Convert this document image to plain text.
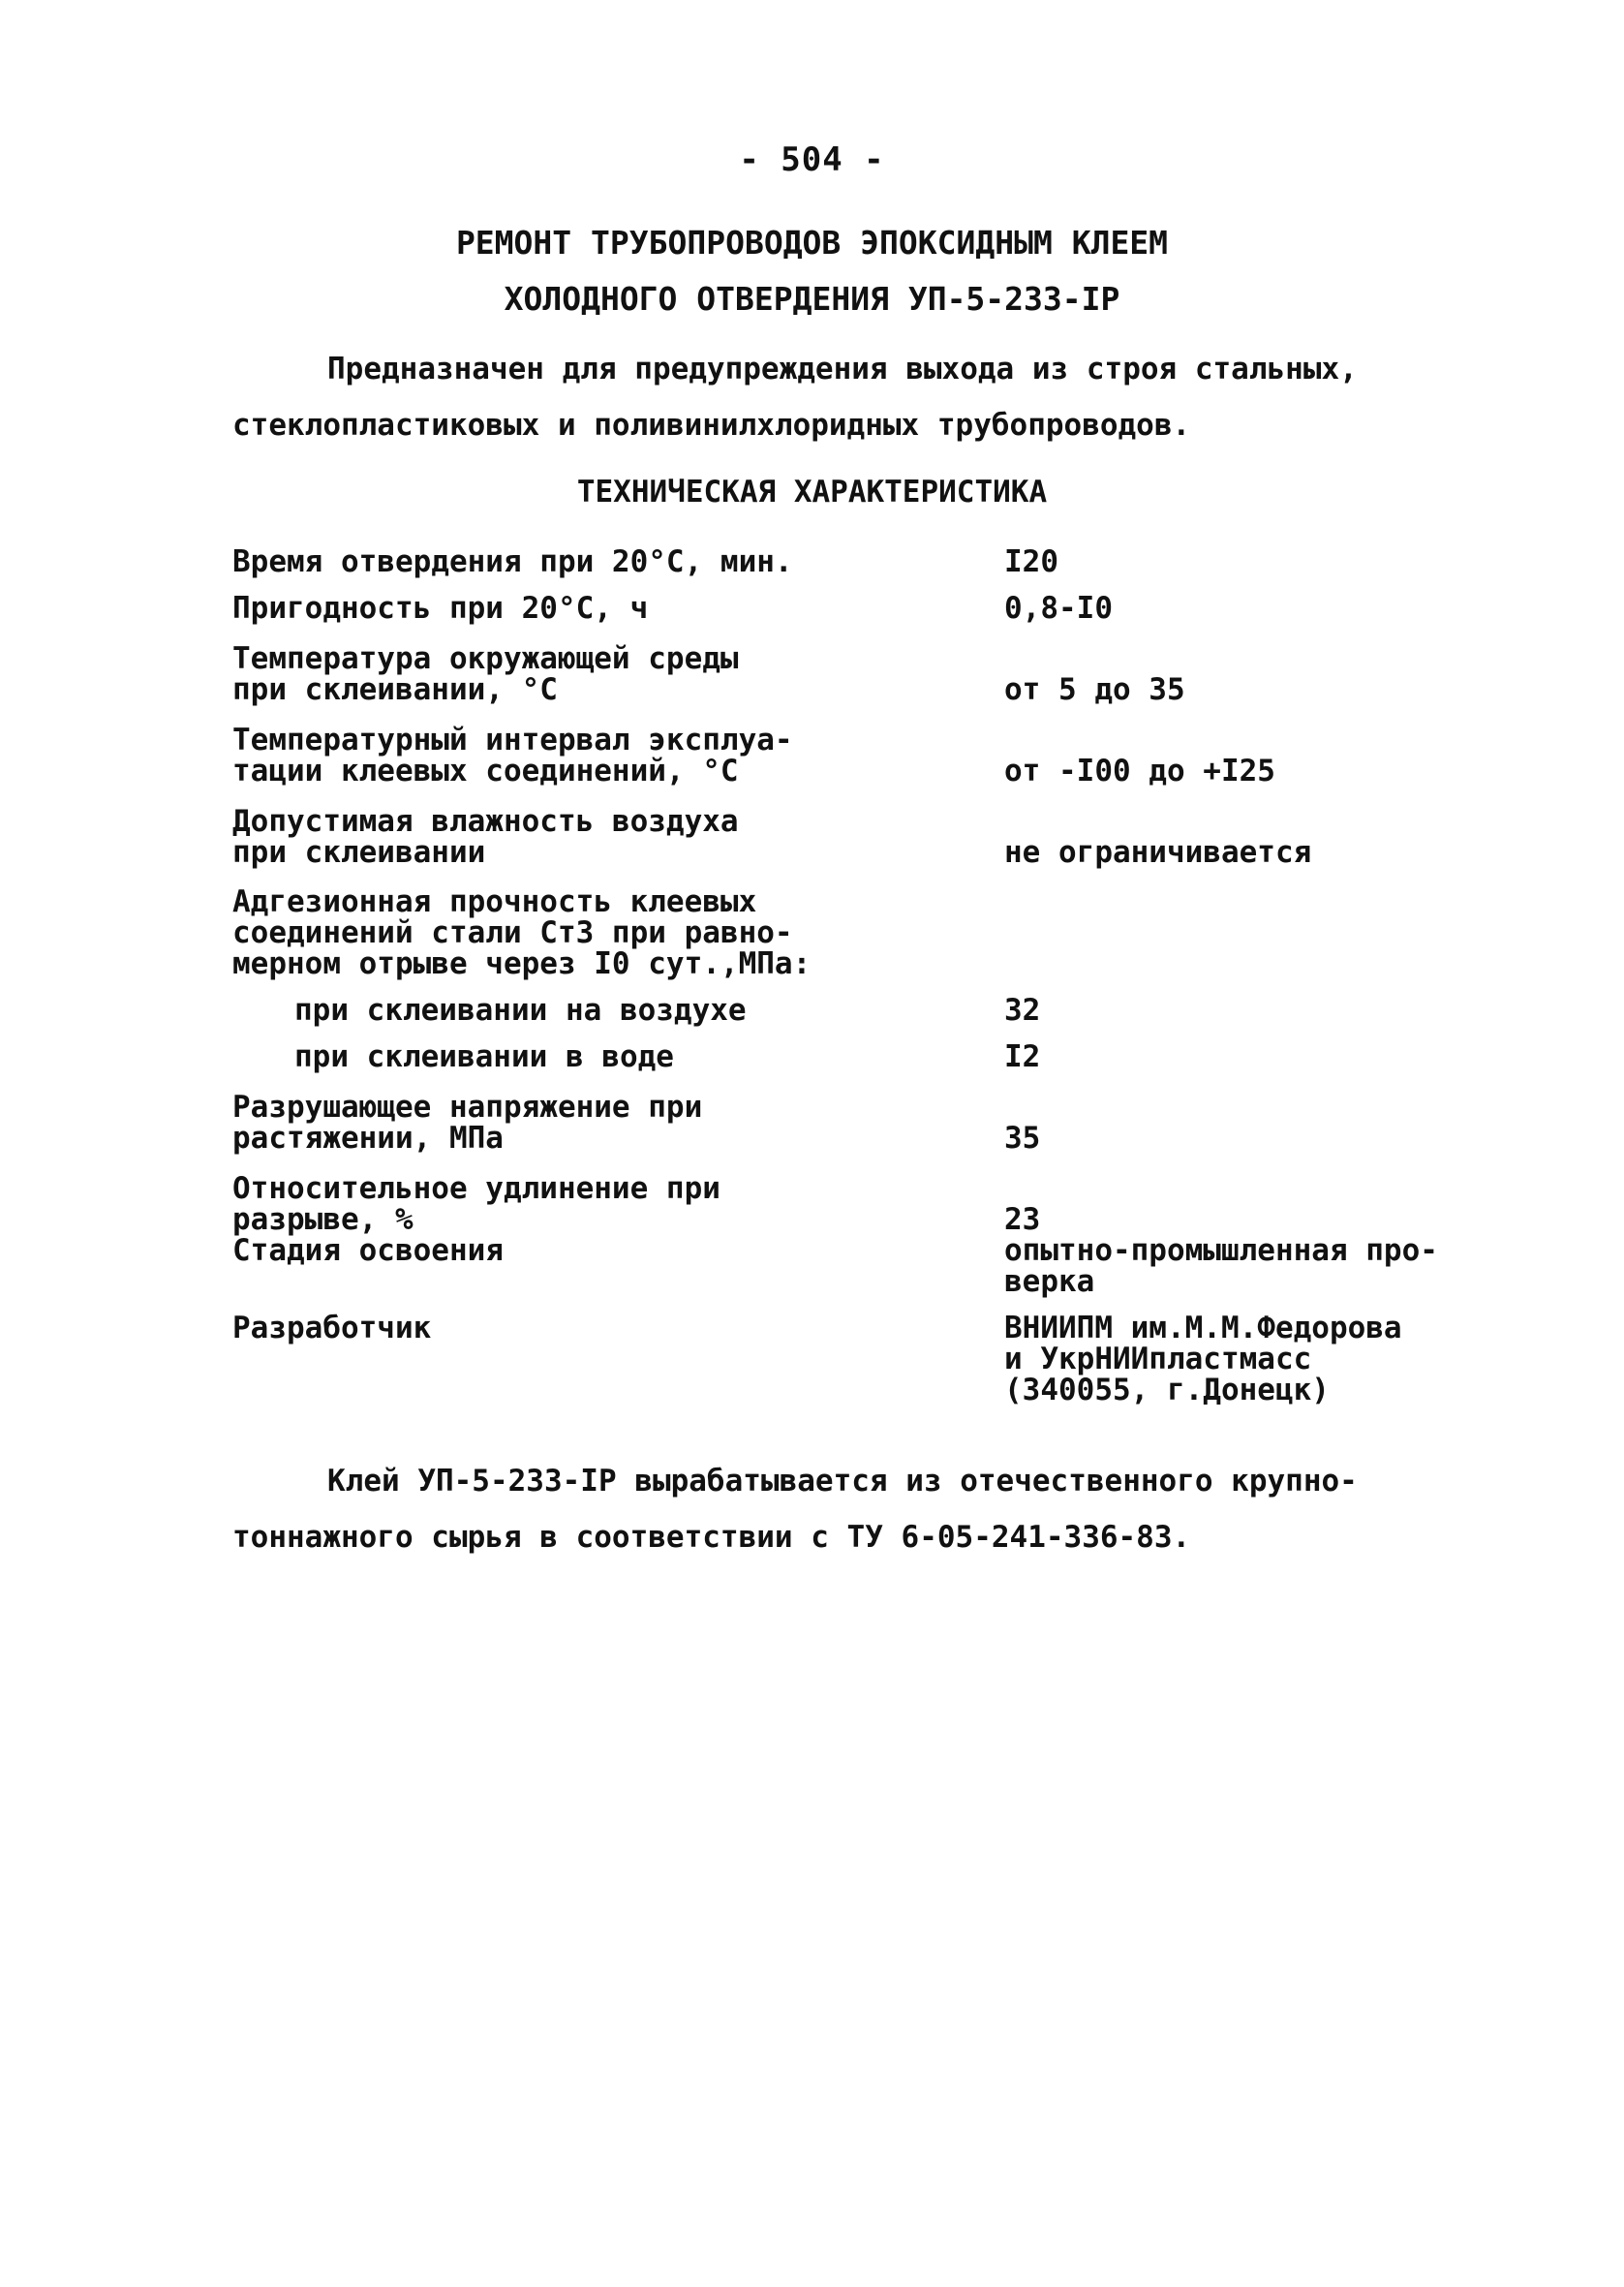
- 504 -
РЕМОНТ ТРУБОПРОВОДОВ ЭПОКСИДНЫМ КЛЕЕМ
ХОЛОДНОГО ОТВЕРДЕНИЯ УП-5-233-IP
Предназначен для предупреждения выхода из строя стальных,
стеклопластиковых и поливинилхлоридных трубопроводов.
ТЕХНИЧЕСКАЯ ХАРАКТЕРИСТИКА
Время отвердения при 20°С, мин.	I20
Пригодность при 20°С, ч	0,8-I0
Температура окружающей среды
при склеивании, °С	от 5 до 35
Температурный интервал эксплуа-
тации клеевых соединений, °С	от -I00 до +I25
Допустимая влажность воздуха
при склеивании	не ограничивается
Адгезионная прочность клеевых
соединений стали Ст3 при равно-
мерном отрыве через I0 сут.,МПа:
при склеивании на воздухе	32
при склеивании в воде	I2
Разрушающее напряжение при
растяжении, МПа	35
Относительное удлинение при
разрыве, %	23
Стадия освоения	опытно-промышленная про-
верка
Разработчик	ВНИИПМ им.М.М.Федорова
и УкрНИИпластмасс
(340055, г.Донецк)
Клей УП-5-233-IP вырабатывается из отечественного крупно-
тоннажного сырья в соответствии с ТУ 6-05-241-336-83.
